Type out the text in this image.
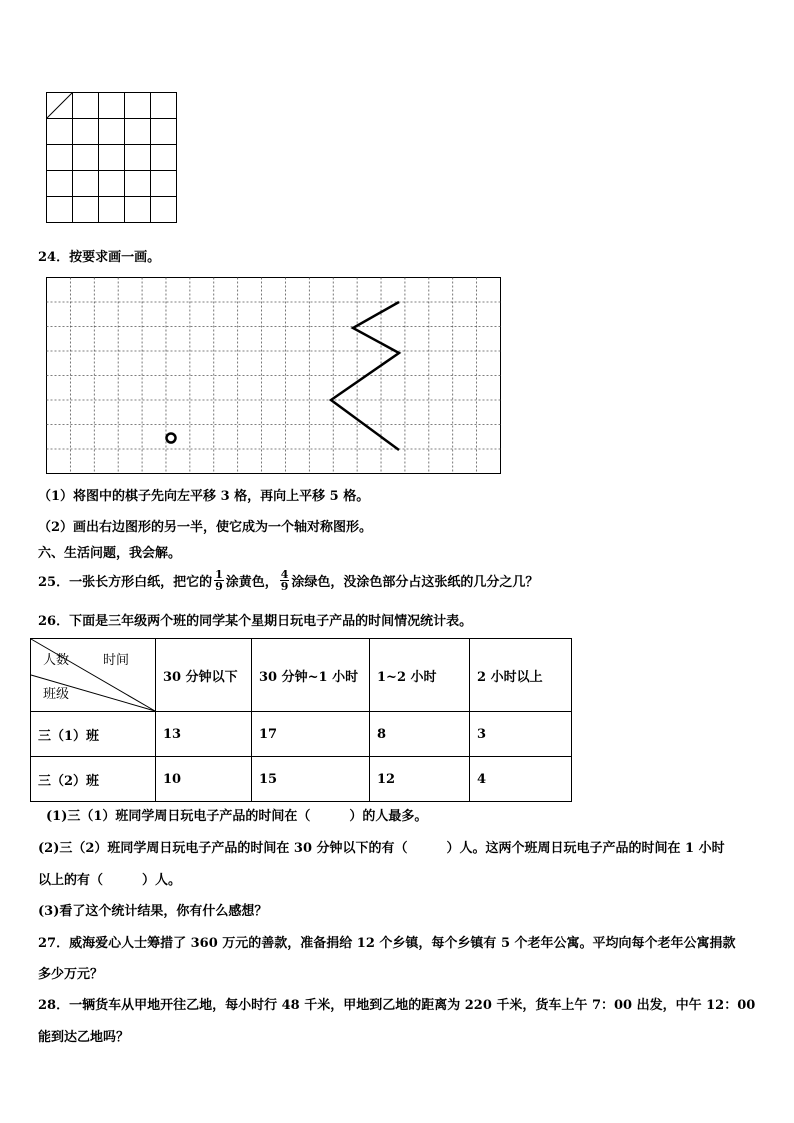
24．按要求画一画。
（1）将图中的棋子先向左平移 3 格，再向上平移 5 格。
（2）画出右边图形的另一半，使它成为一个轴对称图形。
六、生活问题，我会解。
25．一张长方形白纸，把它的 $\frac{1}{9}$ 涂黄色， $\frac{4}{9}$ 涂绿色，没涂色部分占这张纸的几分之几？
26．下面是三年级两个班的同学某个星期日玩电子产品的时间情况统计表。
人数 时间
班级	30 分钟以下	30 分钟~1 小时	1~2 小时	2 小时以上
三（1）班	13	17	8	3
三（2）班	10	15	12	4
(1)三（1）班同学周日玩电子产品的时间在（　　　）的人最多。
(2)三（2）班同学周日玩电子产品的时间在 30 分钟以下的有（　　　）人。这两个班周日玩电子产品的时间在 1 小时
以上的有（　　　）人。
(3)看了这个统计结果，你有什么感想？
27．威海爱心人士筹措了 360 万元的善款，准备捐给 12 个乡镇，每个乡镇有 5 个老年公寓。平均向每个老年公寓捐款
多少万元？
28．一辆货车从甲地开往乙地，每小时行 48 千米，甲地到乙地的距离为 220 千米，货车上午 7：00 出发，中午 12：00
能到达乙地吗？
